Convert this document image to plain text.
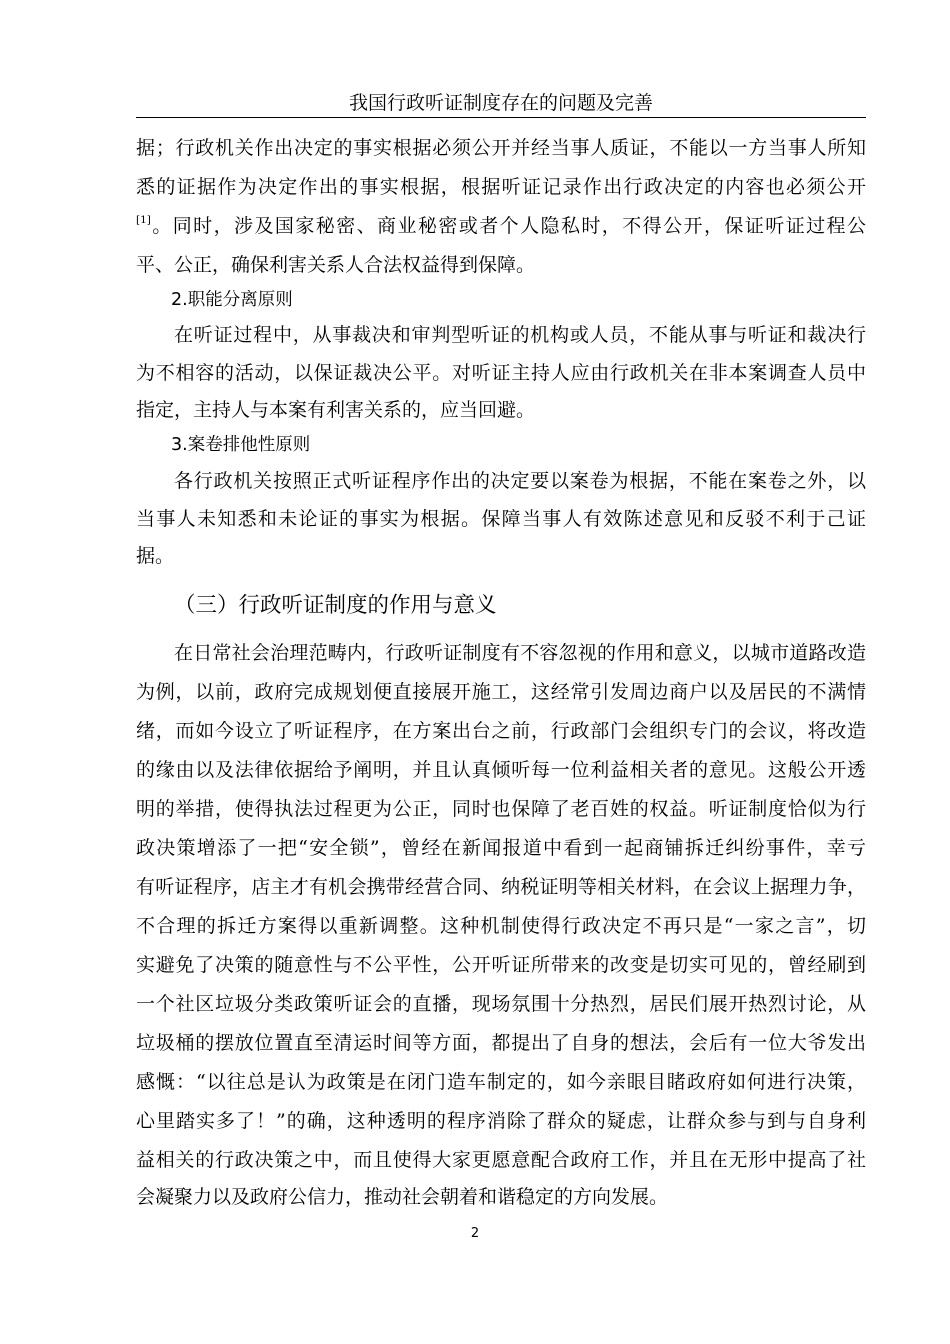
我国行政听证制度存在的问题及完善
据；行政机关作出决定的事实根据必须公开并经当事人质证，不能以一方当事人所知
悉的证据作为决定作出的事实根据，根据听证记录作出行政决定的内容也必须公开
[1]。同时，涉及国家秘密、商业秘密或者个人隐私时，不得公开，保证听证过程公
平、公正，确保利害关系人合法权益得到保障。
2.职能分离原则
在听证过程中，从事裁决和审判型听证的机构或人员，不能从事与听证和裁决行
为不相容的活动，以保证裁决公平。对听证主持人应由行政机关在非本案调查人员中
指定，主持人与本案有利害关系的，应当回避。
3.案卷排他性原则
各行政机关按照正式听证程序作出的决定要以案卷为根据，不能在案卷之外，以
当事人未知悉和未论证的事实为根据。保障当事人有效陈述意见和反驳不利于己证
据。
（三）行政听证制度的作用与意义
在日常社会治理范畴内，行政听证制度有不容忽视的作用和意义，以城市道路改造
为例，以前，政府完成规划便直接展开施工，这经常引发周边商户以及居民的不满情
绪，而如今设立了听证程序，在方案出台之前，行政部门会组织专门的会议，将改造
的缘由以及法律依据给予阐明，并且认真倾听每一位利益相关者的意见。这般公开透
明的举措，使得执法过程更为公正，同时也保障了老百姓的权益。听证制度恰似为行
政决策增添了一把“安全锁”，曾经在新闻报道中看到一起商铺拆迁纠纷事件，幸亏
有听证程序，店主才有机会携带经营合同、纳税证明等相关材料，在会议上据理力争，
不合理的拆迁方案得以重新调整。这种机制使得行政决定不再只是“一家之言”，切
实避免了决策的随意性与不公平性，公开听证所带来的改变是切实可见的，曾经刷到
一个社区垃圾分类政策听证会的直播，现场氛围十分热烈，居民们展开热烈讨论，从
垃圾桶的摆放位置直至清运时间等方面，都提出了自身的想法，会后有一位大爷发出
感慨：“以往总是认为政策是在闭门造车制定的，如今亲眼目睹政府如何进行决策，
心里踏实多了！”的确，这种透明的程序消除了群众的疑虑，让群众参与到与自身利
益相关的行政决策之中，而且使得大家更愿意配合政府工作，并且在无形中提高了社
会凝聚力以及政府公信力，推动社会朝着和谐稳定的方向发展。
2
